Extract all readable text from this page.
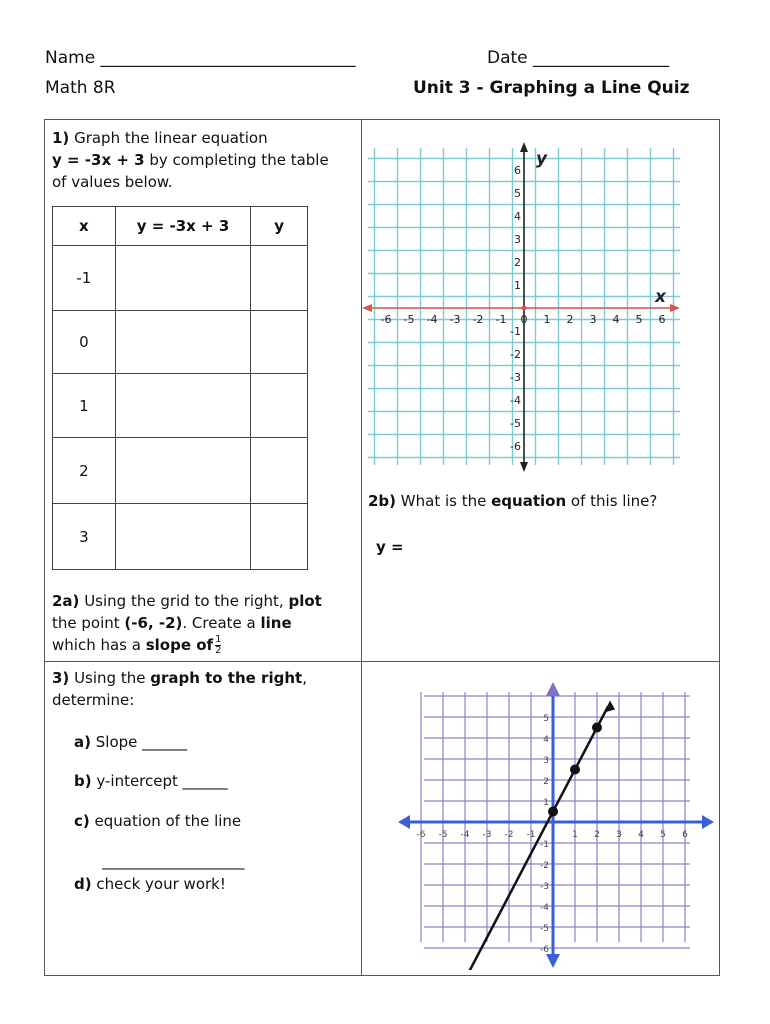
Name ______________________________	Date ________________
Math 8R	Unit 3 - Graphing a Line Quiz
1) Graph the linear equation
y = -3x + 3 by completing the table
of values below.
x	y = -3x + 3	y
-1		
0		
1		
2		
3		
2a) Using the grid to the right, plot
the point (-6, -2). Create a line
which has a slope of $\frac{1}{2}$
x
y
-6 -5 -4 -3 -2 -1 0 1 2 3 4 5 6
6
5
4
3
2
1
-1
-2
-3
-4
-5
-6
2b) What is the equation of this line?
y =
3) Using the graph to the right,
determine:
a) Slope ______
b) y-intercept ______
c) equation of the line
___________________
d) check your work!
-6 -5 -4 -3 -2 -1	1 2 3 4 5 6
5
4
3
2
1
-1
-2
-3
-4
-5
-6
